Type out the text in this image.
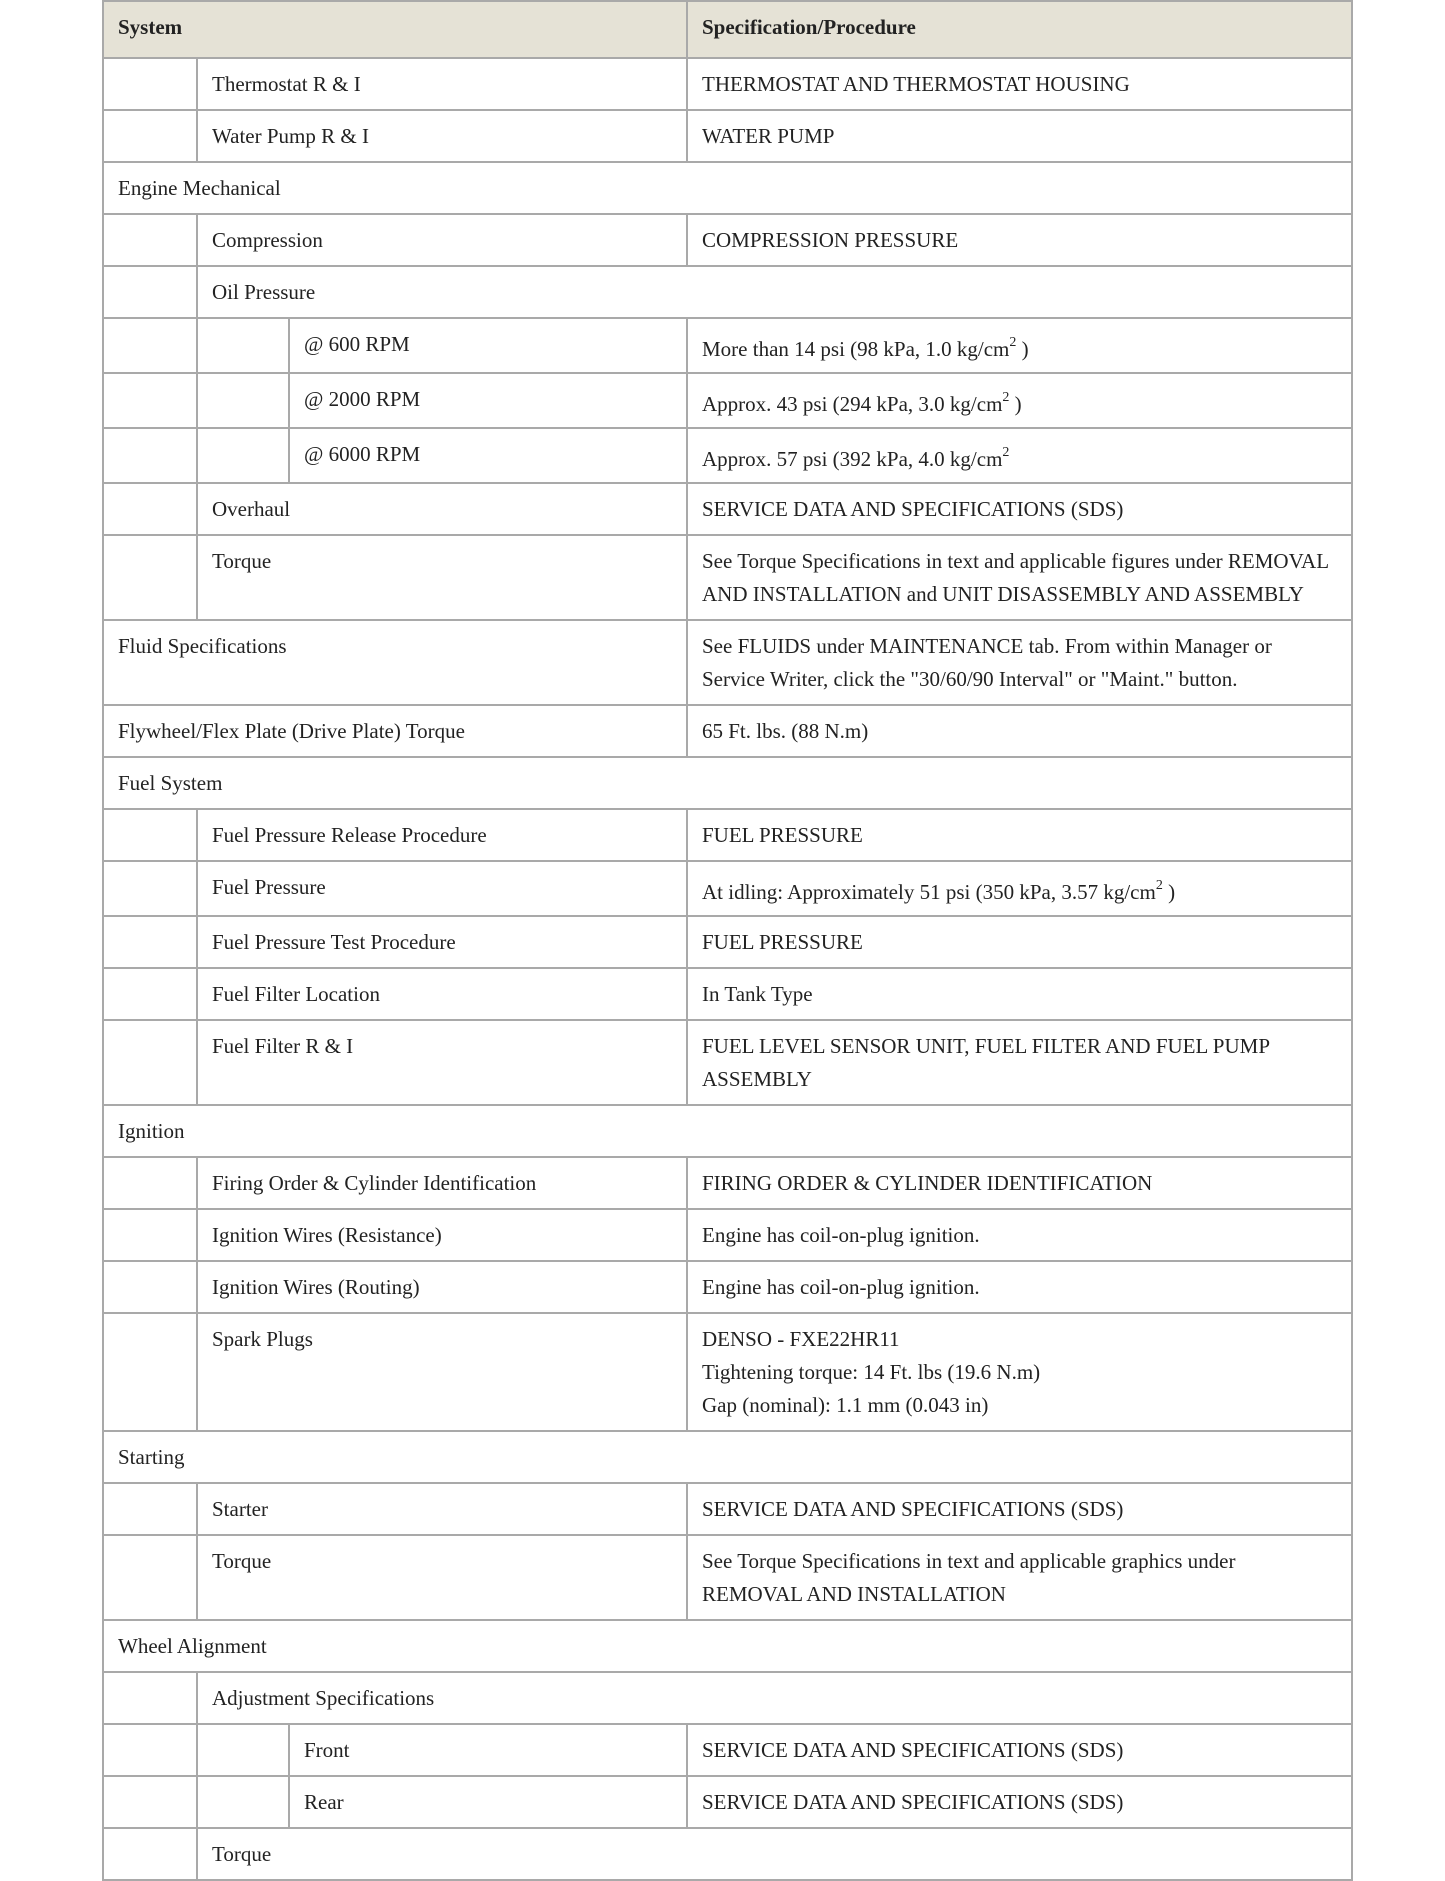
System			Specification/Procedure
	Thermostat R & I		THERMOSTAT AND THERMOSTAT HOUSING
	Water Pump R & I		WATER PUMP
Engine Mechanical			
	Compression		COMPRESSION PRESSURE
	Oil Pressure		
		@ 600 RPM	More than 14 psi (98 kPa, 1.0 $kg/cm^2$ )
		@ 2000 RPM	Approx. 43 psi (294 kPa, 3.0 $kg/cm^2$ )
		@ 6000 RPM	Approx. 57 psi (392 kPa, 4.0 $kg/cm^2$
	Overhaul		SERVICE DATA AND SPECIFICATIONS (SDS)
	Torque		See Torque Specifications in text and applicable figures under REMOVAL AND INSTALLATION and UNIT DISASSEMBLY AND ASSEMBLY
Fluid Specifications			See FLUIDS under MAINTENANCE tab. From within Manager or Service Writer, click the "30/60/90 Interval" or "Maint." button.
Flywheel/Flex Plate (Drive Plate) Torque			65 Ft. lbs. (88 N.m)
Fuel System			
	Fuel Pressure Release Procedure		FUEL PRESSURE
	Fuel Pressure		At idling: Approximately 51 psi (350 kPa, 3.57 $kg/cm^2$ )
	Fuel Pressure Test Procedure		FUEL PRESSURE
	Fuel Filter Location		In Tank Type
	Fuel Filter R & I		FUEL LEVEL SENSOR UNIT, FUEL FILTER AND FUEL PUMP ASSEMBLY
Ignition			
	Firing Order & Cylinder Identification		FIRING ORDER & CYLINDER IDENTIFICATION
	Ignition Wires (Resistance)		Engine has coil-on-plug ignition.
	Ignition Wires (Routing)		Engine has coil-on-plug ignition.
	Spark Plugs		DENSO - FXE22HR11
Tightening torque: 14 Ft. lbs (19.6 N.m)
Gap (nominal): 1.1 mm (0.043 in)

Starting			
	Starter		SERVICE DATA AND SPECIFICATIONS (SDS)
	Torque		See Torque Specifications in text and applicable graphics under REMOVAL AND INSTALLATION
Wheel Alignment			
	Adjustment Specifications		
		Front	SERVICE DATA AND SPECIFICATIONS (SDS)
		Rear	SERVICE DATA AND SPECIFICATIONS (SDS)
	Torque		
